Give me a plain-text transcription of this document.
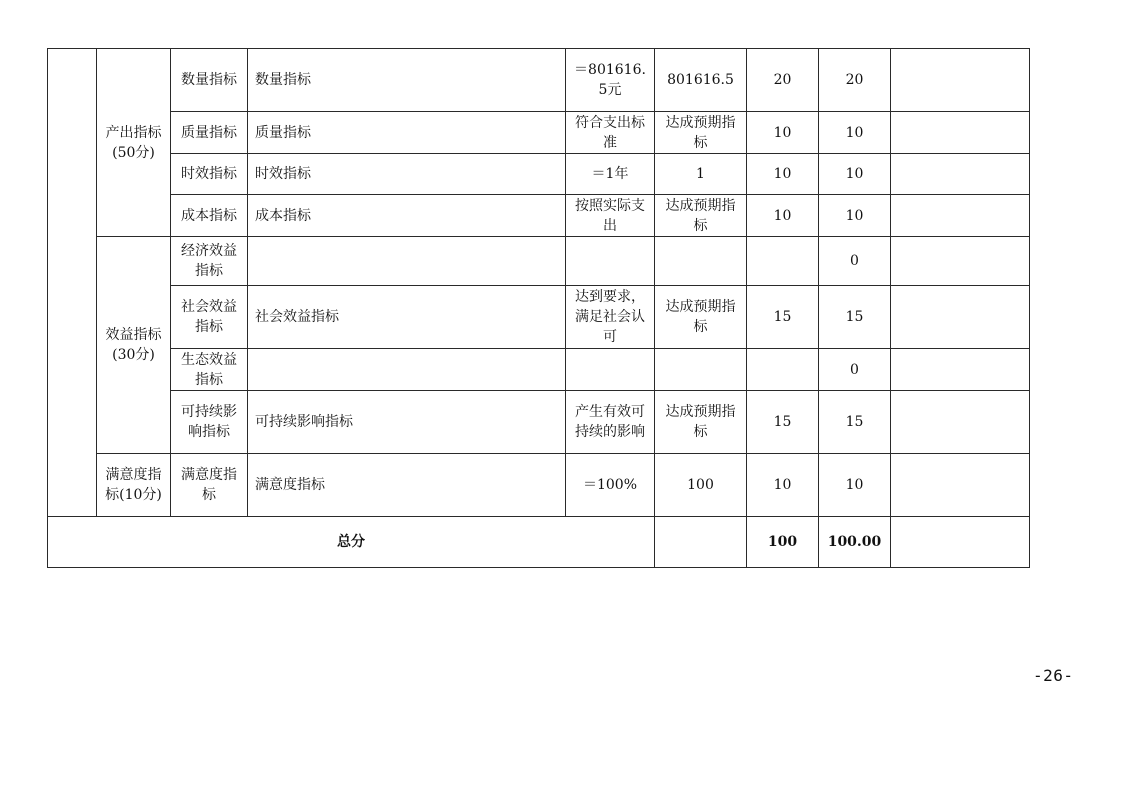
	产出指标(50分)	数量指标	数量指标	＝801616.5元	801616.5	20	20	
		质量指标	质量指标	符合支出标准	达成预期指标	10	10	
		时效指标	时效指标	＝1年	1	10	10	
		成本指标	成本指标	按照实际支出	达成预期指标	10	10	
	效益指标(30分)	经济效益指标					0	
		社会效益指标	社会效益指标	达到要求，满足社会认可	达成预期指标	15	15	
		生态效益指标					0	
		可持续影响指标	可持续影响指标	产生有效可持续的影响	达成预期指标	15	15	
	满意度指标(10分)	满意度指标	满意度指标	＝100%	100	10	10	
总分						100	100.00	
-26-
